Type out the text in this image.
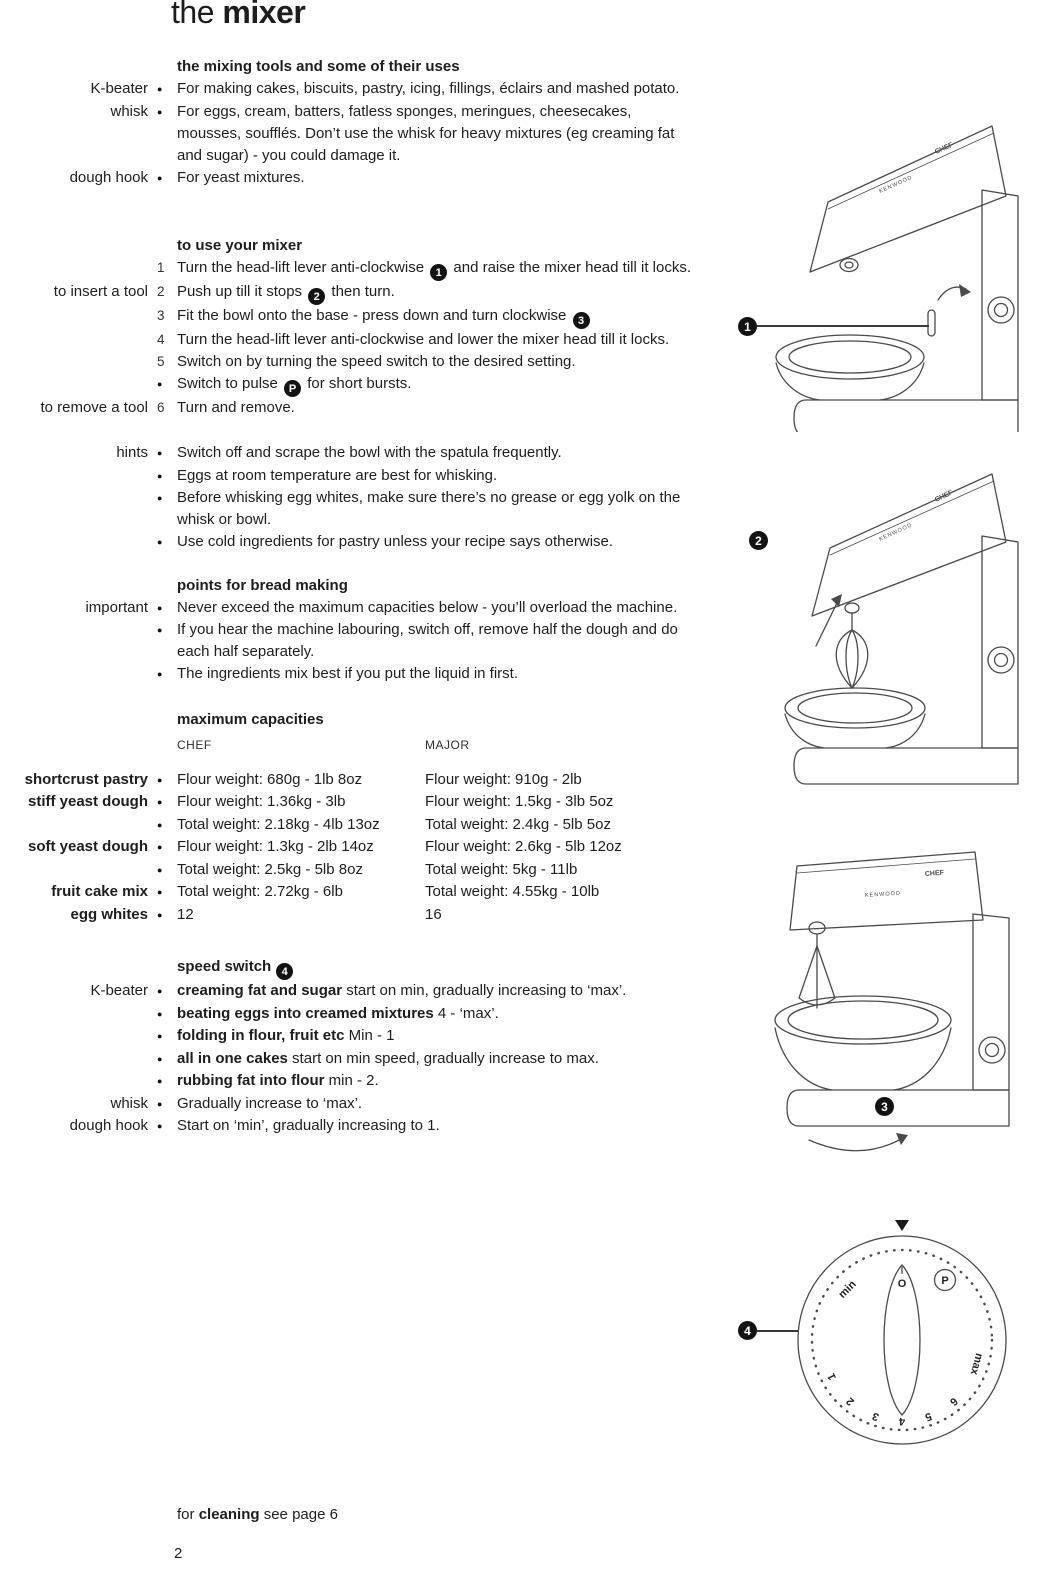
the mixer
the mixing tools and some of their uses
K-beater	● For making cakes, biscuits, pastry, icing, fillings, éclairs and mashed potato.
whisk	● For eggs, cream, batters, fatless sponges, meringues, cheesecakes, mousses, soufflés. Don’t use the whisk for heavy mixtures (eg creaming fat and sugar) - you could damage it.
dough hook	● For yeast mixtures.
to use your mixer
1 Turn the head-lift lever anti-clockwise 1 and raise the mixer head till it locks.
to insert a tool 2 Push up till it stops 2 then turn.
3 Fit the bowl onto the base - press down and turn clockwise 3
4 Turn the head-lift lever anti-clockwise and lower the mixer head till it locks.
5 Switch on by turning the speed switch to the desired setting.
● Switch to pulse P for short bursts.
to remove a tool 6 Turn and remove.
hints	● Switch off and scrape the bowl with the spatula frequently.
● Eggs at room temperature are best for whisking.
● Before whisking egg whites, make sure there’s no grease or egg yolk on the whisk or bowl.
● Use cold ingredients for pastry unless your recipe says otherwise.
points for bread making
important	● Never exceed the maximum capacities below - you’ll overload the machine.
● If you hear the machine labouring, switch off, remove half the dough and do each half separately.
● The ingredients mix best if you put the liquid in first.
maximum capacities
CHEF	MAJOR
shortcrust pastry	● Flour weight: 680g - 1lb 8oz	Flour weight: 910g - 2lb
stiff yeast dough	● Flour weight: 1.36kg - 3lb	Flour weight: 1.5kg - 3lb 5oz
● Total weight: 2.18kg - 4lb 13oz	Total weight: 2.4kg - 5lb 5oz
soft yeast dough	● Flour weight: 1.3kg - 2lb 14oz	Flour weight: 2.6kg - 5lb 12oz
● Total weight: 2.5kg - 5lb 8oz	Total weight: 5kg - 11lb
fruit cake mix	● Total weight: 2.72kg - 6lb	Total weight: 4.55kg - 10lb
egg whites	● 12	16
speed switch 4
K-beater	● creaming fat and sugar start on min, gradually increasing to ‘max’.
● beating eggs into creamed mixtures 4 - ‘max’.
● folding in flour, fruit etc Min - 1
● all in one cakes start on min speed, gradually increase to max.
● rubbing fat into flour min - 2.
whisk	● Gradually increase to ‘max’.
dough hook	● Start on ‘min’, gradually increasing to 1.
for cleaning see page 6
2
CHEF
KENWOOD
CHEF
KENWOOD
CHEF
KENWOOD
O	P
min
max
1
2
3 4 5
6
1
2
3
4
